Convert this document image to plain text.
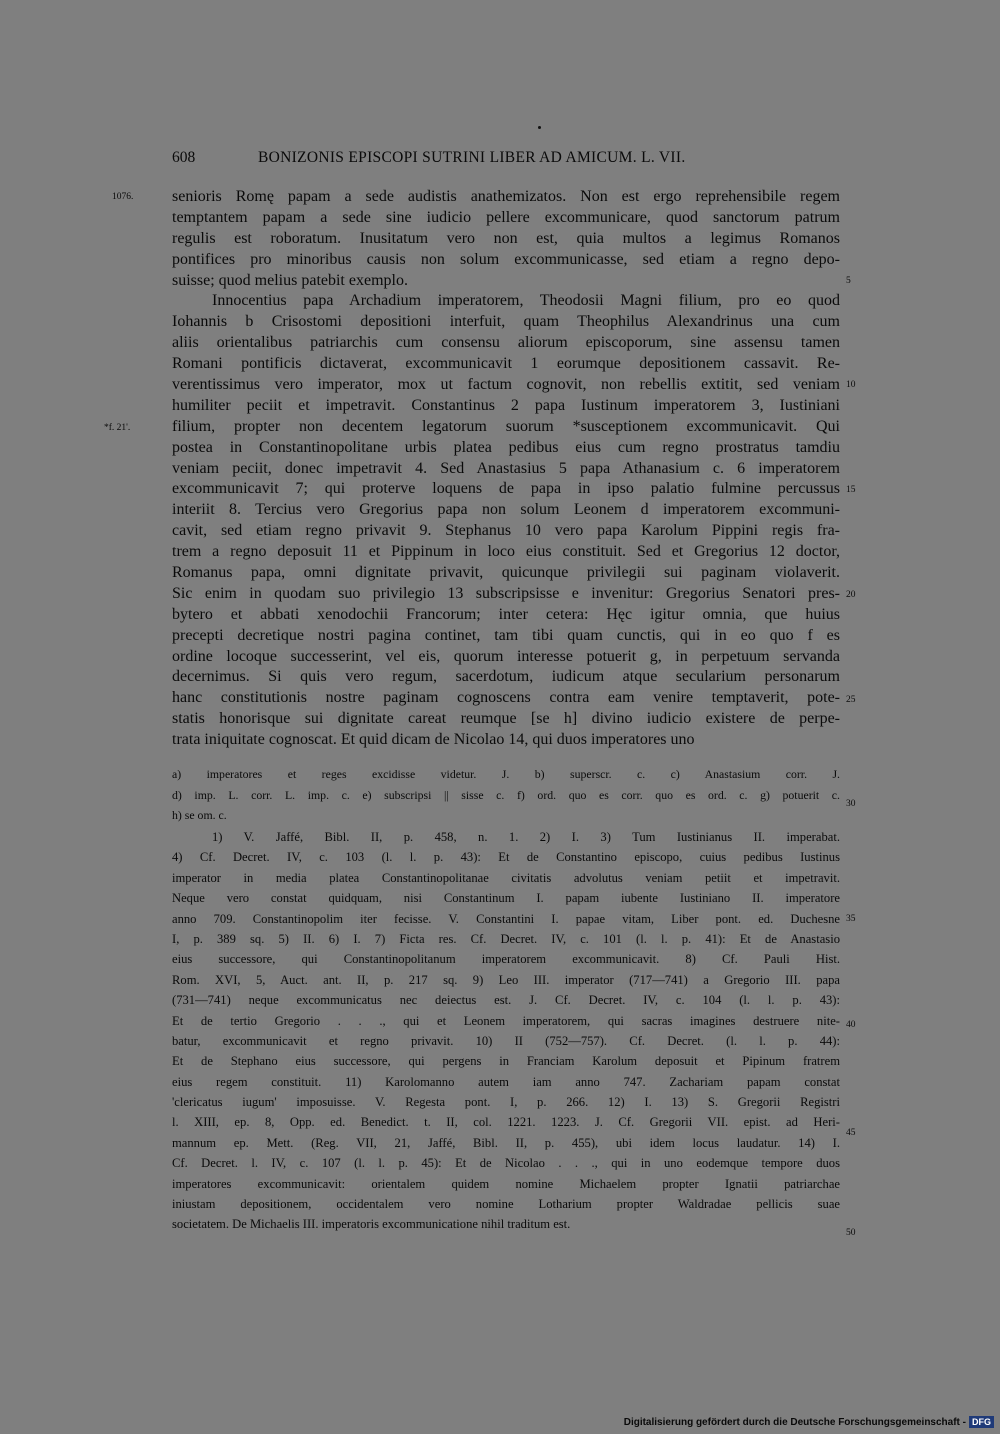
608	BONIZONIS EPISCOPI SUTRINI LIBER AD AMICUM. L. VII.
1076.
*f. 21'.
senioris Romę papam a sede audistis anathemizatos. Non est ergo reprehensibile regem
temptantem papam a sede sine iudicio pellere excommunicare, quod sanctorum patrum
regulis est roboratum. Inusitatum vero non est, quia multos a legimus Romanos
pontifices pro minoribus causis non solum excommunicasse, sed etiam a regno depo-
suisse; quod melius patebit exemplo.
Innocentius papa Archadium imperatorem, Theodosii Magni filium, pro eo quod
Iohannis b Crisostomi depositioni interfuit, quam Theophilus Alexandrinus una cum
aliis orientalibus patriarchis cum consensu aliorum episcoporum, sine assensu tamen
Romani pontificis dictaverat, excommunicavit 1 eorumque depositionem cassavit. Re-
verentissimus vero imperator, mox ut factum cognovit, non rebellis extitit, sed veniam
humiliter peciit et impetravit. Constantinus 2 papa Iustinum imperatorem 3, Iustiniani
filium, propter non decentem legatorum suorum *susceptionem excommunicavit. Qui
postea in Constantinopolitane urbis platea pedibus eius cum regno prostratus tamdiu
veniam peciit, donec impetravit 4. Sed Anastasius 5 papa Athanasium c. 6 imperatorem
excommunicavit 7; qui proterve loquens de papa in ipso palatio fulmine percussus
interiit 8. Tercius vero Gregorius papa non solum Leonem d imperatorem excommuni-
cavit, sed etiam regno privavit 9. Stephanus 10 vero papa Karolum Pippini regis fra-
trem a regno deposuit 11 et Pippinum in loco eius constituit. Sed et Gregorius 12 doctor,
Romanus papa, omni dignitate privavit, quicunque privilegii sui paginam violaverit.
Sic enim in quodam suo privilegio 13 subscripsisse e invenitur: Gregorius Senatori pres-
bytero et abbati xenodochii Francorum; inter cetera: Hęc igitur omnia, que huius
precepti decretique nostri pagina continet, tam tibi quam cunctis, qui in eo quo f es
ordine locoque successerint, vel eis, quorum interesse potuerit g, in perpetuum servanda
decernimus. Si quis vero regum, sacerdotum, iudicum atque secularium personarum
hanc constitutionis nostre paginam cognoscens contra eam venire temptaverit, pote-
statis honorisque sui dignitate careat reumque [se h] divino iudicio existere de perpe-
trata iniquitate cognoscat. Et quid dicam de Nicolao 14, qui duos imperatores uno
a) imperatores et reges excidisse videtur. J. b) superscr. c. c) Anastasium corr. J.
d) imp. L. corr. L. imp. c. e) subscripsi || sisse c. f) ord. quo es corr. quo es ord. c. g) potuerit c.
h) se om. c.
1) V. Jaffé, Bibl. II, p. 458, n. 1. 2) I. 3) Tum Iustinianus II. imperabat.
4) Cf. Decret. IV, c. 103 (l. l. p. 43): Et de Constantino episcopo, cuius pedibus Iustinus
imperator in media platea Constantinopolitanae civitatis advolutus veniam petiit et impetravit.
Neque vero constat quidquam, nisi Constantinum I. papam iubente Iustiniano II. imperatore
anno 709. Constantinopolim iter fecisse. V. Constantini I. papae vitam, Liber pont. ed. Duchesne
I, p. 389 sq. 5) II. 6) I. 7) Ficta res. Cf. Decret. IV, c. 101 (l. l. p. 41): Et de Anastasio
eius successore, qui Constantinopolitanum imperatorem excommunicavit. 8) Cf. Pauli Hist.
Rom. XVI, 5, Auct. ant. II, p. 217 sq. 9) Leo III. imperator (717—741) a Gregorio III. papa
(731—741) neque excommunicatus nec deiectus est. J. Cf. Decret. IV, c. 104 (l. l. p. 43):
Et de tertio Gregorio . . ., qui et Leonem imperatorem, qui sacras imagines destruere nite-
batur, excommunicavit et regno privavit. 10) II (752—757). Cf. Decret. (l. l. p. 44):
Et de Stephano eius successore, qui pergens in Franciam Karolum deposuit et Pipinum fratrem
eius regem constituit. 11) Karolomanno autem iam anno 747. Zachariam papam constat
'clericatus iugum' imposuisse. V. Regesta pont. I, p. 266. 12) I. 13) S. Gregorii Registri
l. XIII, ep. 8, Opp. ed. Benedict. t. II, col. 1221. 1223. J. Cf. Gregorii VII. epist. ad Heri-
mannum ep. Mett. (Reg. VII, 21, Jaffé, Bibl. II, p. 455), ubi idem locus laudatur. 14) I.
Cf. Decret. l. IV, c. 107 (l. l. p. 45): Et de Nicolao . . ., qui in uno eodemque tempore duos
imperatores excommunicavit: orientalem quidem nomine Michaelem propter Ignatii patriarchae
iniustam depositionem, occidentalem vero nomine Lotharium propter Waldradae pellicis suae
societatem. De Michaelis III. imperatoris excommunicatione nihil traditum est.
5
10
15
20
25
30
35
40
45
50
Digitalisierung gefördert durch die Deutsche Forschungsgemeinschaft - DFG
